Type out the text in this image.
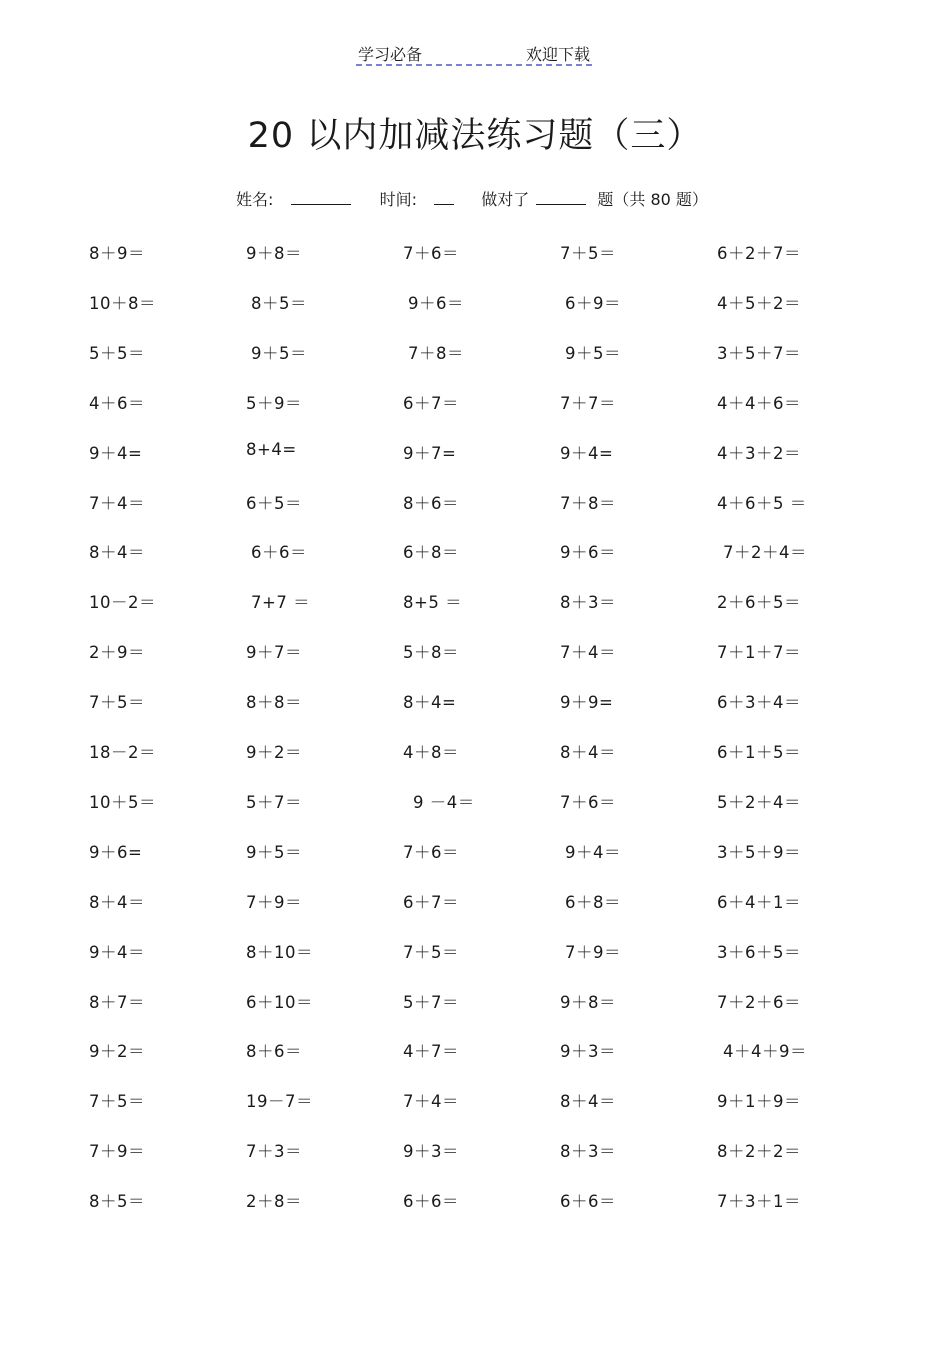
学习必备	欢迎下载
20 以内加减法练习题（三）
姓名:	时间:	做对了	题（共 80 题）
8＋9＝	9＋8＝	7＋6＝	7＋5＝	6＋2＋7＝
10＋8＝	8＋5＝	9＋6＝	6＋9＝	4＋5＋2＝
5＋5＝	9＋5＝	7＋8＝	9＋5＝	3＋5＋7＝
4＋6＝	5＋9＝	6＋7＝	7＋7＝	4＋4＋6＝
9＋4=	8+4=	9＋7=	9＋4=	4＋3＋2＝
7＋4＝	6＋5＝	8＋6＝	7＋8＝	4＋6＋5 ＝
8＋4＝	6＋6＝	6＋8＝	9＋6＝	7＋2＋4＝
10－2＝	7+7 ＝	8+5 ＝	8＋3＝	2＋6＋5＝
2＋9＝	9＋7＝	5＋8＝	7＋4＝	7＋1＋7＝
7＋5＝	8＋8＝	8＋4=	9＋9=	6＋3＋4＝
18－2＝	9＋2＝	4＋8＝	8＋4＝	6＋1＋5＝
10＋5＝	5＋7＝	9 －4＝	7＋6＝	5＋2＋4＝
9＋6=	9＋5＝	7＋6＝	9＋4＝	3＋5＋9＝
8＋4＝	7＋9＝	6＋7＝	6＋8＝	6＋4＋1＝
9＋4＝	8＋10＝	7＋5＝	7＋9＝	3＋6＋5＝
8＋7＝	6＋10＝	5＋7＝	9＋8＝	7＋2＋6＝
9＋2＝	8＋6＝	4＋7＝	9＋3＝	4＋4＋9＝
7＋5＝	19－7＝	7＋4＝	8＋4＝	9＋1＋9＝
7＋9＝	7＋3＝	9＋3＝	8＋3＝	8＋2＋2＝
8＋5＝	2＋8＝	6＋6＝	6＋6＝	7＋3＋1＝
